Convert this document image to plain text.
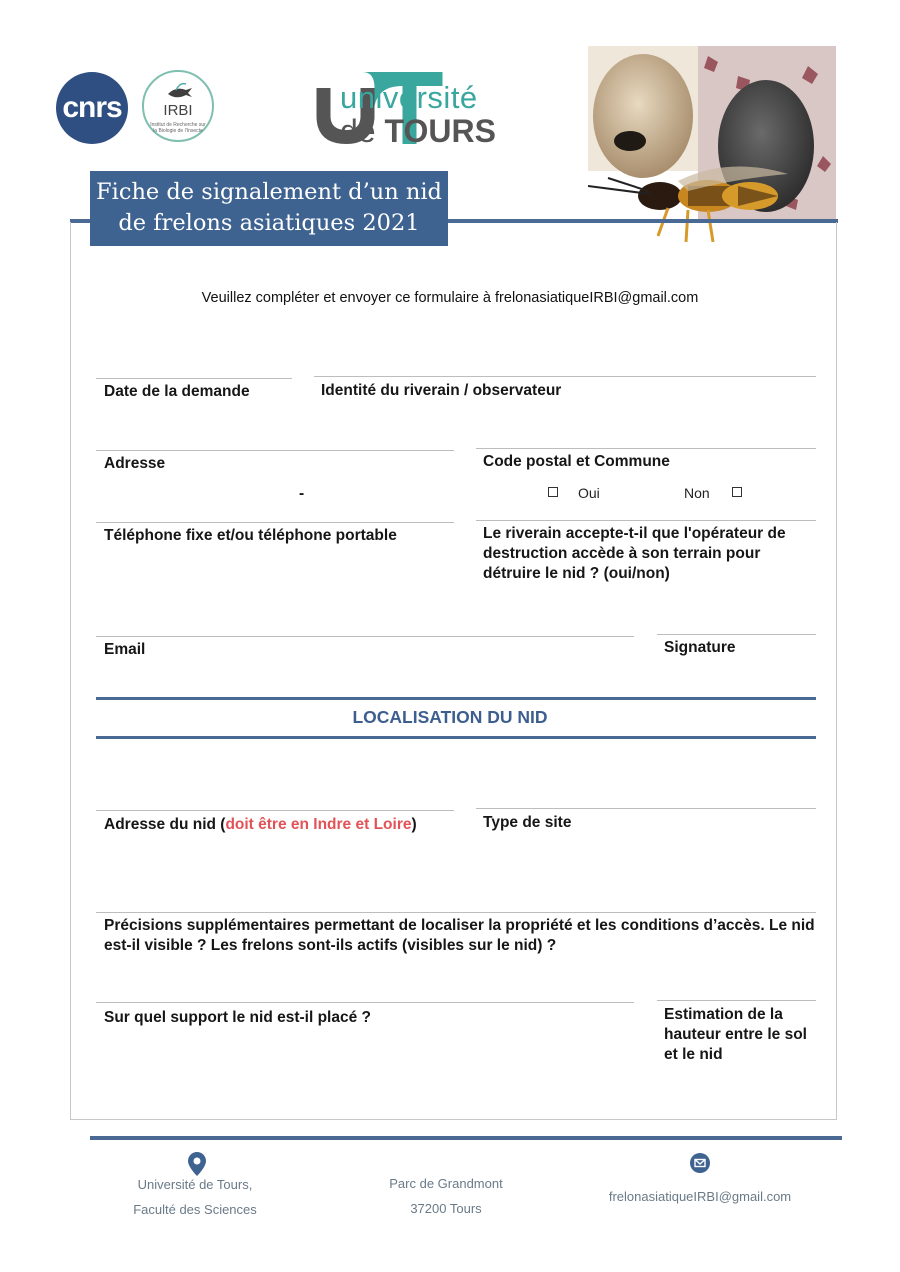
cnrs	IRBI
Institut de Recherche sur la Biologie de l'Insecte
université
de TOURS
Fiche de signalement d’un nid
de frelons asiatiques 2021
Veuillez compléter et envoyer ce formulaire à frelonasiatiqueIRBI@gmail.com
Date de la demande	Identité du riverain / observateur
Adresse	Code postal et Commune
-	Oui	Non
Téléphone fixe et/ou téléphone portable	Le riverain accepte-t-il que l'opérateur de
destruction accède à son terrain pour
détruire le nid ? (oui/non)
Email	Signature
LOCALISATION DU NID
Adresse du nid (doit être en Indre et Loire)	Type de site
Précisions supplémentaires permettant de localiser la propriété et les conditions d’accès. Le nid
est-il visible ? Les frelons sont-ils actifs (visibles sur le nid) ?
Sur quel support le nid est-il placé ?	Estimation de la
hauteur entre le sol
et le nid
Université de Tours,
Faculté des Sciences
Parc de Grandmont
37200 Tours
frelonasiatiqueIRBI@gmail.com
